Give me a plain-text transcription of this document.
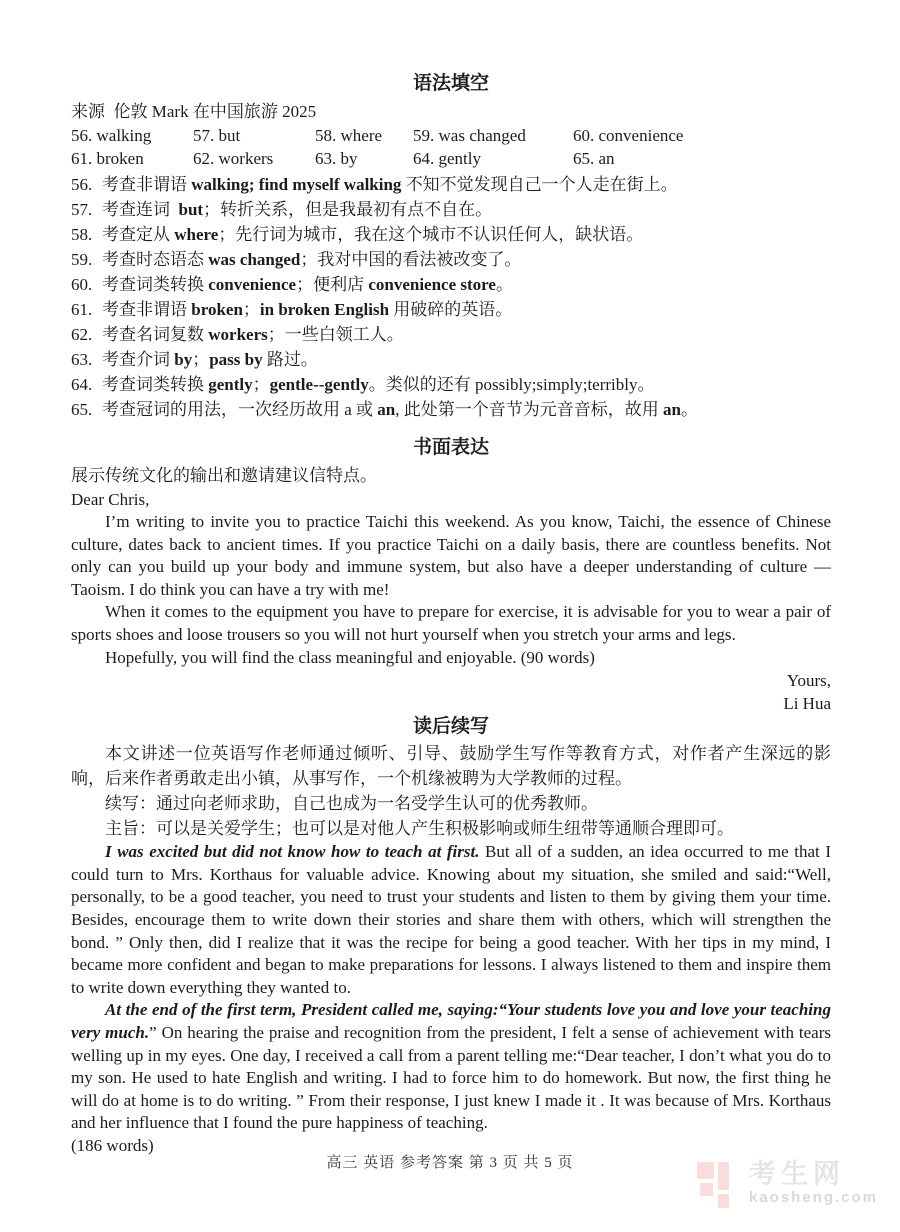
语法填空
来源  伦敦 Mark 在中国旅游 2025
56. walking	57. but	58. where	59. was changed	60. convenience
61. broken	62. workers	63. by	64. gently	65. an
56. 考查非谓语 walking; find myself walking 不知不觉发现自己一个人走在街上。
57. 考查连词  but；转折关系，但是我最初有点不自在。
58. 考查定从 where；先行词为城市，我在这个城市不认识任何人，缺状语。
59. 考查时态语态 was changed；我对中国的看法被改变了。
60. 考查词类转换 convenience；便利店 convenience store。
61. 考查非谓语 broken；in broken English 用破碎的英语。
62. 考查名词复数 workers；一些白领工人。
63. 考查介词 by；pass by 路过。
64. 考查词类转换 gently；gentle--gently。类似的还有 possibly;simply;terribly。
65. 考查冠词的用法，一次经历故用 a 或 an, 此处第一个音节为元音音标，故用 an。
书面表达
展示传统文化的输出和邀请建议信特点。
Dear Chris,
I’m writing to invite you to practice Taichi this weekend. As you know, Taichi, the essence of Chinese culture, dates back to ancient times. If you practice Taichi on a daily basis, there are countless benefits. Not only can you build up your body and immune system, but also have a deeper understanding of culture — Taoism. I do think you can have a try with me!
When it comes to the equipment you have to prepare for exercise, it is advisable for you to wear a pair of sports shoes and loose trousers so you will not hurt yourself when you stretch your arms and legs.
Hopefully, you will find the class meaningful and enjoyable. (90 words)
Yours,
Li Hua
读后续写
本文讲述一位英语写作老师通过倾听、引导、鼓励学生写作等教育方式，对作者产生深远的影响，后来作者勇敢走出小镇，从事写作，一个机缘被聘为大学教师的过程。
续写：通过向老师求助，自己也成为一名受学生认可的优秀教师。
主旨：可以是关爱学生；也可以是对他人产生积极影响或师生纽带等通顺合理即可。
I was excited but did not know how to teach at first. But all of a sudden, an idea occurred to me that I could turn to Mrs. Korthaus for valuable advice. Knowing about my situation, she smiled and said:“Well, personally, to be a good teacher, you need to trust your students and listen to them by giving them your time. Besides, encourage them to write down their stories and share them with others, which will strengthen the bond. ” Only then, did I realize that it was the recipe for being a good teacher. With her tips in my mind, I became more confident and began to make preparations for lessons. I always listened to them and inspire them to write down everything they wanted to.
At the end of the first term, President called me, saying:“Your students love you and love your teaching very much.” On hearing the praise and recognition from the president, I felt a sense of achievement with tears welling up in my eyes. One day, I received a call from a parent telling me:“Dear teacher, I don’t what you do to my son. He used to hate English and writing. I had to force him to do homework. But now, the first thing he will do at home is to do writing. ” From their response, I just knew I made it . It was because of Mrs. Korthaus and her influence that I found the pure happiness of teaching.
(186 words)
高三 英语 参考答案 第 3 页 共 5 页	考生网
kaosheng.com
